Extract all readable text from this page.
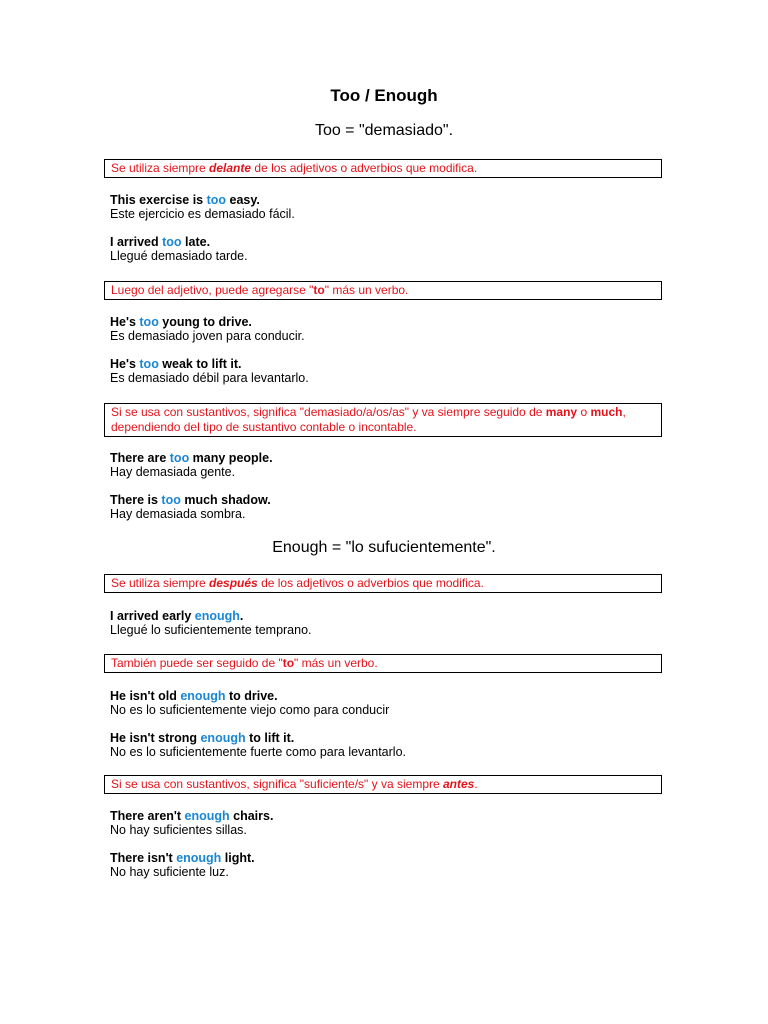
Too / Enough
Too = "demasiado".
Se utiliza siempre delante de los adjetivos o adverbios que modifica.
This exercise is too easy.
Este ejercicio es demasiado fácil.
I arrived too late.
Llegué demasiado tarde.
Luego del adjetivo, puede agregarse "to" más un verbo.
He's too young to drive.
Es demasiado joven para conducir.
He's too weak to lift it.
Es demasiado débil para levantarlo.
Si se usa con sustantivos, significa "demasiado/a/os/as" y va siempre seguido de many o much, dependiendo del tipo de sustantivo contable o incontable.
There are too many people.
Hay demasiada gente.
There is too much shadow.
Hay demasiada sombra.
Enough = "lo sufucientemente".
Se utiliza siempre después de los adjetivos o adverbios que modifica.
I arrived early enough.
Llegué lo suficientemente temprano.
También puede ser seguido de "to" más un verbo.
He isn't old enough to drive.
No es lo suficientemente viejo como para conducir
He isn't strong enough to lift it.
No es lo suficientemente fuerte como para levantarlo.
Si se usa con sustantivos, significa "suficiente/s" y va siempre antes.
There aren't enough chairs.
No hay suficientes sillas.
There isn't enough light.
No hay suficiente luz.
